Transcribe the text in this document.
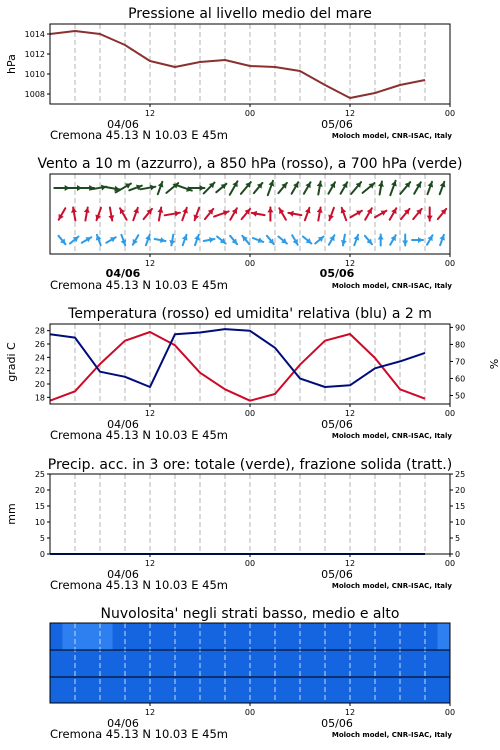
Pressione al livello medio del mare
hPa
1008
1010
1012
1014
12	00	12	00
04/06	05/06
Cremona 45.13 N 10.03 E 45m	Moloch model, CNR-ISAC, Italy
Vento a 10 m (azzurro), a 850 hPa (rosso), a 700 hPa (verde)
12	00	12	00
04/06	05/06
Cremona 45.13 N 10.03 E 45m	Moloch model, CNR-ISAC, Italy
Temperatura (rosso) ed umidita' relativa (blu) a 2 m
gradi C	%
18
20
22
24
26
28
50
60
70
80
90
12	00	12	00
04/06	05/06
Cremona 45.13 N 10.03 E 45m	Moloch model, CNR-ISAC, Italy
Precip. acc. in 3 ore: totale (verde), frazione solida (tratt.)
mm
0
5
10
15
20
25
0
5
10
15
20
25
12	00	12	00
04/06	05/06
Cremona 45.13 N 10.03 E 45m	Moloch model, CNR-ISAC, Italy
Nuvolosita' negli strati basso, medio e alto
12	00	12	00
04/06	05/06
Cremona 45.13 N 10.03 E 45m	Moloch model, CNR-ISAC, Italy
